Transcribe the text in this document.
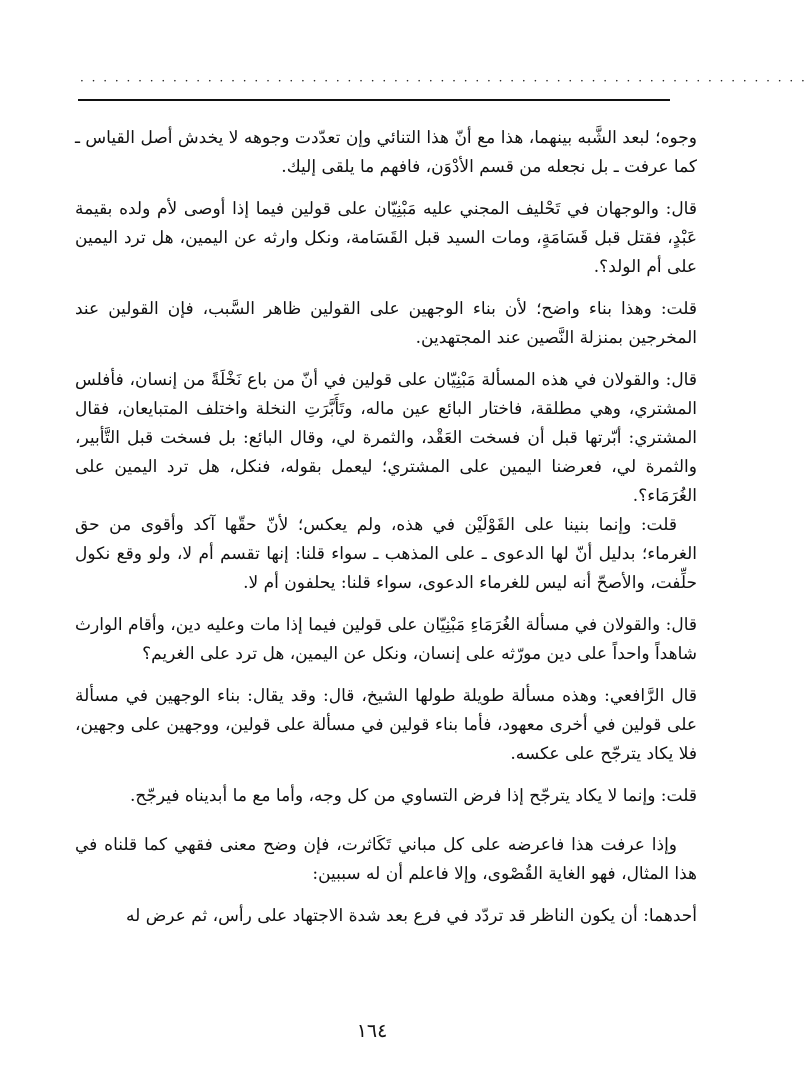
· · · · · · · · · · · · · · · · · · · · · · · · · · · · · · · · · · · · · · · · · · · · · · · · · · · · · · · · · · · · · · ·

وجوه؛ لبعد الشَّبه بينهما، هذا مع أنّ هذا التنائي وإن تعدّدت وجوهه لا يخدش أصل القياس ـ كما عرفت ـ بل نجعله من قسم الأدْوَن، فافهم ما يلقى إليك.

قال: والوجهان في تَحْليف المجني عليه مَبْنِيّان على قولين فيما إذا أوصى لأم ولده بقيمة عَبْدٍ، فقتل قبل قَسَامَةٍ، ومات السيد قبل القَسَامة، ونكل وارثه عن اليمين، هل ترد اليمين على أم الولد؟.

قلت: وهذا بناء واضح؛ لأن بناء الوجهين على القولين ظاهر السَّبب، فإن القولين عند المخرجين بمنزلة النَّصين عند المجتهدين.

قال: والقولان في هذه المسألة مَبْنِيّان على قولين في أنّ من باع نَخْلَةً من إنسان، فأفلس المشتري، وهي مطلقة، فاختار البائع عين ماله، وتَأَبَّرَتِ النخلة واختلف المتبايعان، فقال المشتري: أبّرتها قبل أن فسخت العَقْد، والثمرة لي، وقال البائع: بل فسخت قبل التَّأبير، والثمرة لي، فعرضنا اليمين على المشتري؛ ليعمل بقوله، فنكل، هل ترد اليمين على الغُرَمَاء؟.

قلت: وإنما بنينا على القَوْلَيْن في هذه، ولم يعكس؛ لأنّ حقّها آكد وأقوى من حق الغرماء؛ بدليل أنّ لها الدعوى ـ على المذهب ـ سواء قلنا: إنها تقسم أم لا، ولو وقع نكول حلِّفت، والأصحّ أنه ليس للغرماء الدعوى، سواء قلنا: يحلفون أم لا.

قال: والقولان في مسألة الغُرَمَاءِ مَبْنِيّان على قولين فيما إذا مات وعليه دين، وأقام الوارث شاهداً واحداً على دين مورّثه على إنسان، ونكل عن اليمين، هل ترد على الغريم؟

قال الرَّافعي: وهذه مسألة طويلة طولها الشيخ، قال: وقد يقال: بناء الوجهين في مسألة على قولين في أخرى معهود، فأما بناء قولين في مسألة على قولين، ووجهين على وجهين، فلا يكاد يترجّح على عكسه.

قلت: وإنما لا يكاد يترجّح إذا فرض التساوي من كل وجه، وأما مع ما أبديناه فيرجّح.

وإذا عرفت هذا فاعرضه على كل مباني تَكَاثرت، فإن وضح معنى فقهي كما قلناه في هذا المثال، فهو الغاية القُصْوى، وإلا فاعلم أن له سببين:

أحدهما: أن يكون الناظر قد تردّد في فرع بعد شدة الاجتهاد على رأس، ثم عرض له

١٦٤
